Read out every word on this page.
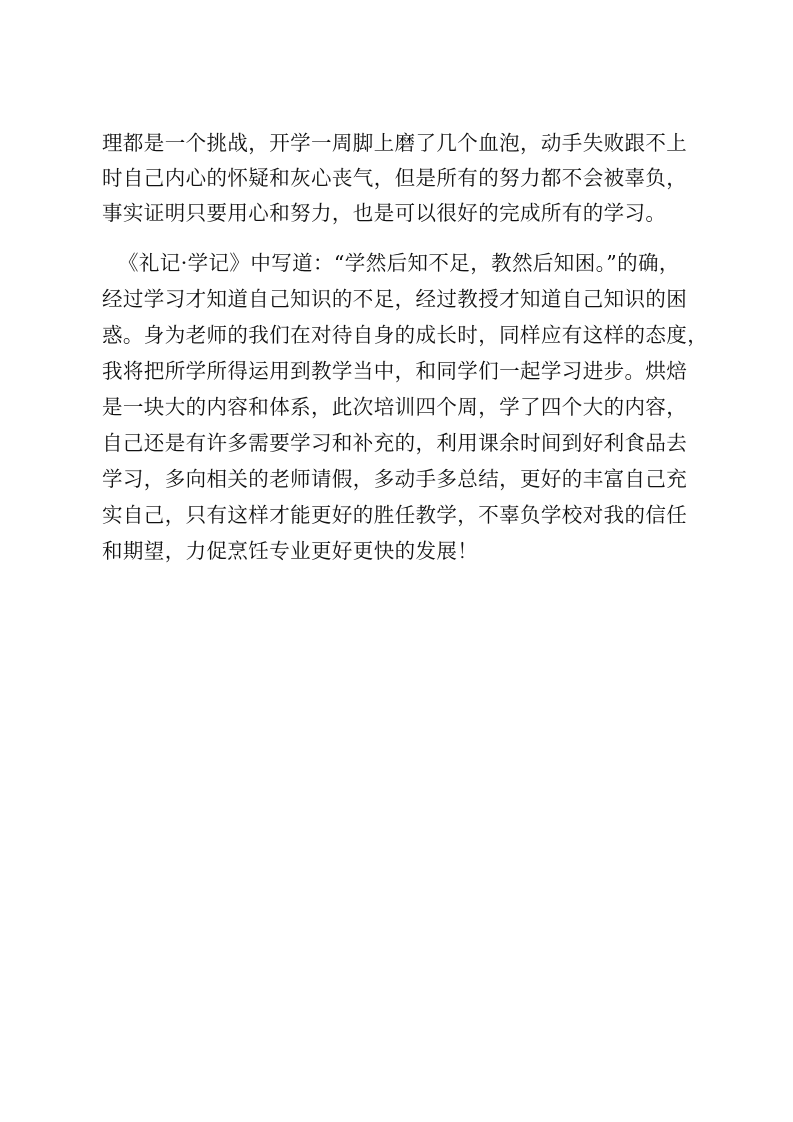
理都是一个挑战，开学一周脚上磨了几个血泡，动手失败跟不上
时自己内心的怀疑和灰心丧气，但是所有的努力都不会被辜负，
事实证明只要用心和努力，也是可以很好的完成所有的学习。
《礼记·学记》中写道：“学然后知不足，教然后知困。”的确，
经过学习才知道自己知识的不足，经过教授才知道自己知识的困
惑。身为老师的我们在对待自身的成长时，同样应有这样的态度，
我将把所学所得运用到教学当中，和同学们一起学习进步。烘焙
是一块大的内容和体系，此次培训四个周，学了四个大的内容，
自己还是有许多需要学习和补充的，利用课余时间到好利食品去
学习，多向相关的老师请假，多动手多总结，更好的丰富自己充
实自己，只有这样才能更好的胜任教学，不辜负学校对我的信任
和期望，力促烹饪专业更好更快的发展！
